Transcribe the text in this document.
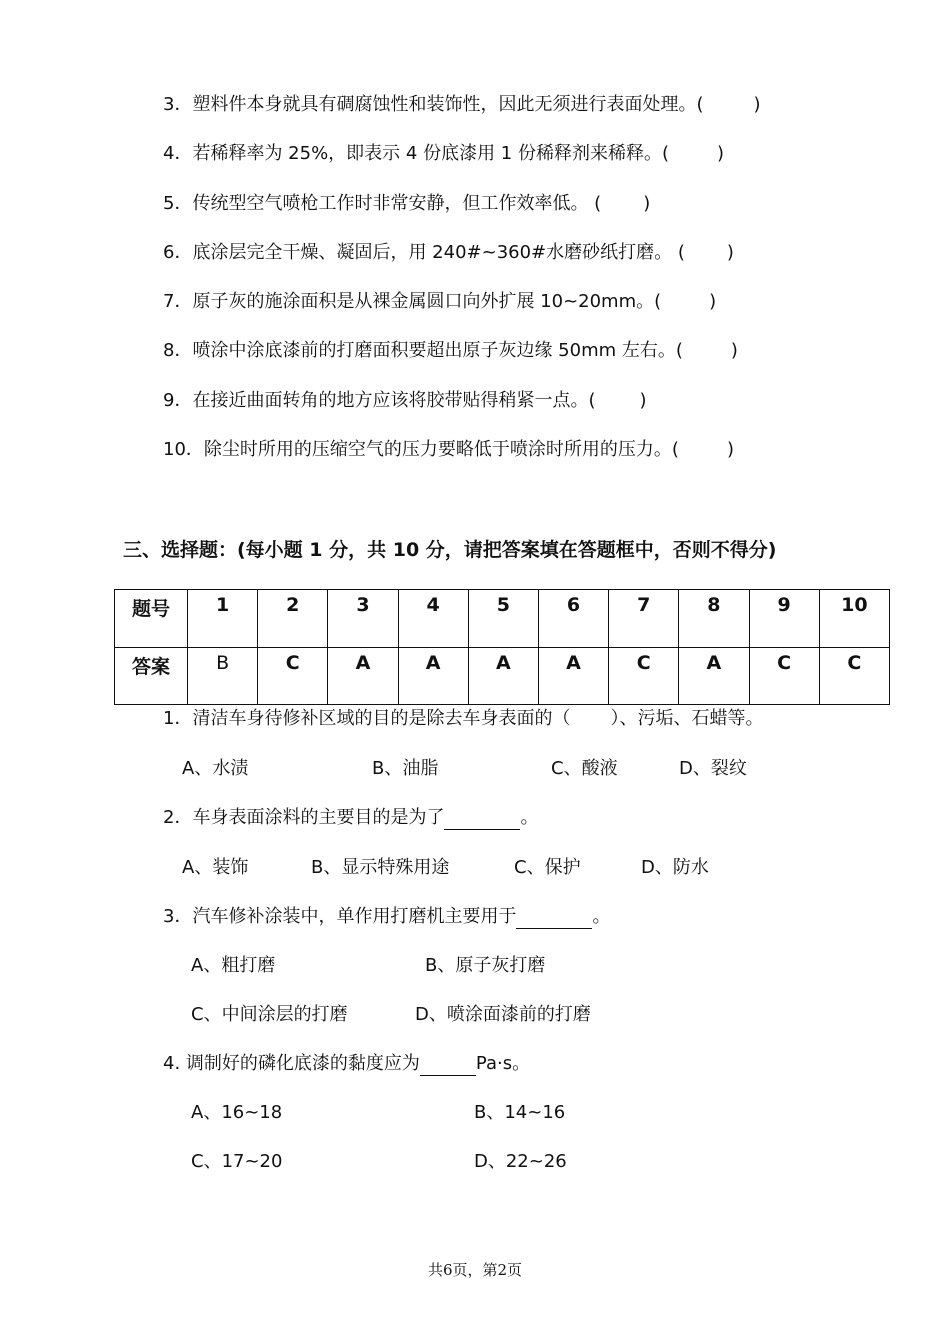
3．塑料件本身就具有碉腐蚀性和装饰性，因此无须进行表面处理。(	)
4．若稀释率为 25%，即表示 4 份底漆用 1 份稀释剂来稀释。(	)
5．传统型空气喷枪工作时非常安静，但工作效率低。 ( )
6．底涂层完全干燥、凝固后，用 240#~360#水磨砂纸打磨。 ( )
7．原子灰的施涂面积是从裸金属圆口向外扩展 10~20mm。(	)
8．喷涂中涂底漆前的打磨面积要超出原子灰边缘 50mm 左右。(	)
9．在接近曲面转角的地方应该将胶带贴得稍紧一点。( )
10．除尘时所用的压缩空气的压力要略低于喷涂时所用的压力。(	)
三、选择题：(每小题 1 分，共 10 分，请把答案填在答题框中，否则不得分)
题号	1	2	3	4	5	6	7	8	9	10
答案	B	C	A	A	A	A	C	A	C	C
1．清洁车身待修补区域的目的是除去车身表面的（ ）、污垢、石蜡等。
A、水渍	B、油脂	C、酸液	D、裂纹
2．车身表面涂料的主要目的是为了	。
A、装饰	B、显示特殊用途	C、保护	D、防水
3．汽车修补涂装中，单作用打磨机主要用于	。
A、粗打磨	B、原子灰打磨
C、中间涂层的打磨	D、喷涂面漆前的打磨
4. 调制好的磷化底漆的黏度应为	Pa·s。
A、16~18	B、14~16
C、17~20	D、22~26
共6页，第2页
